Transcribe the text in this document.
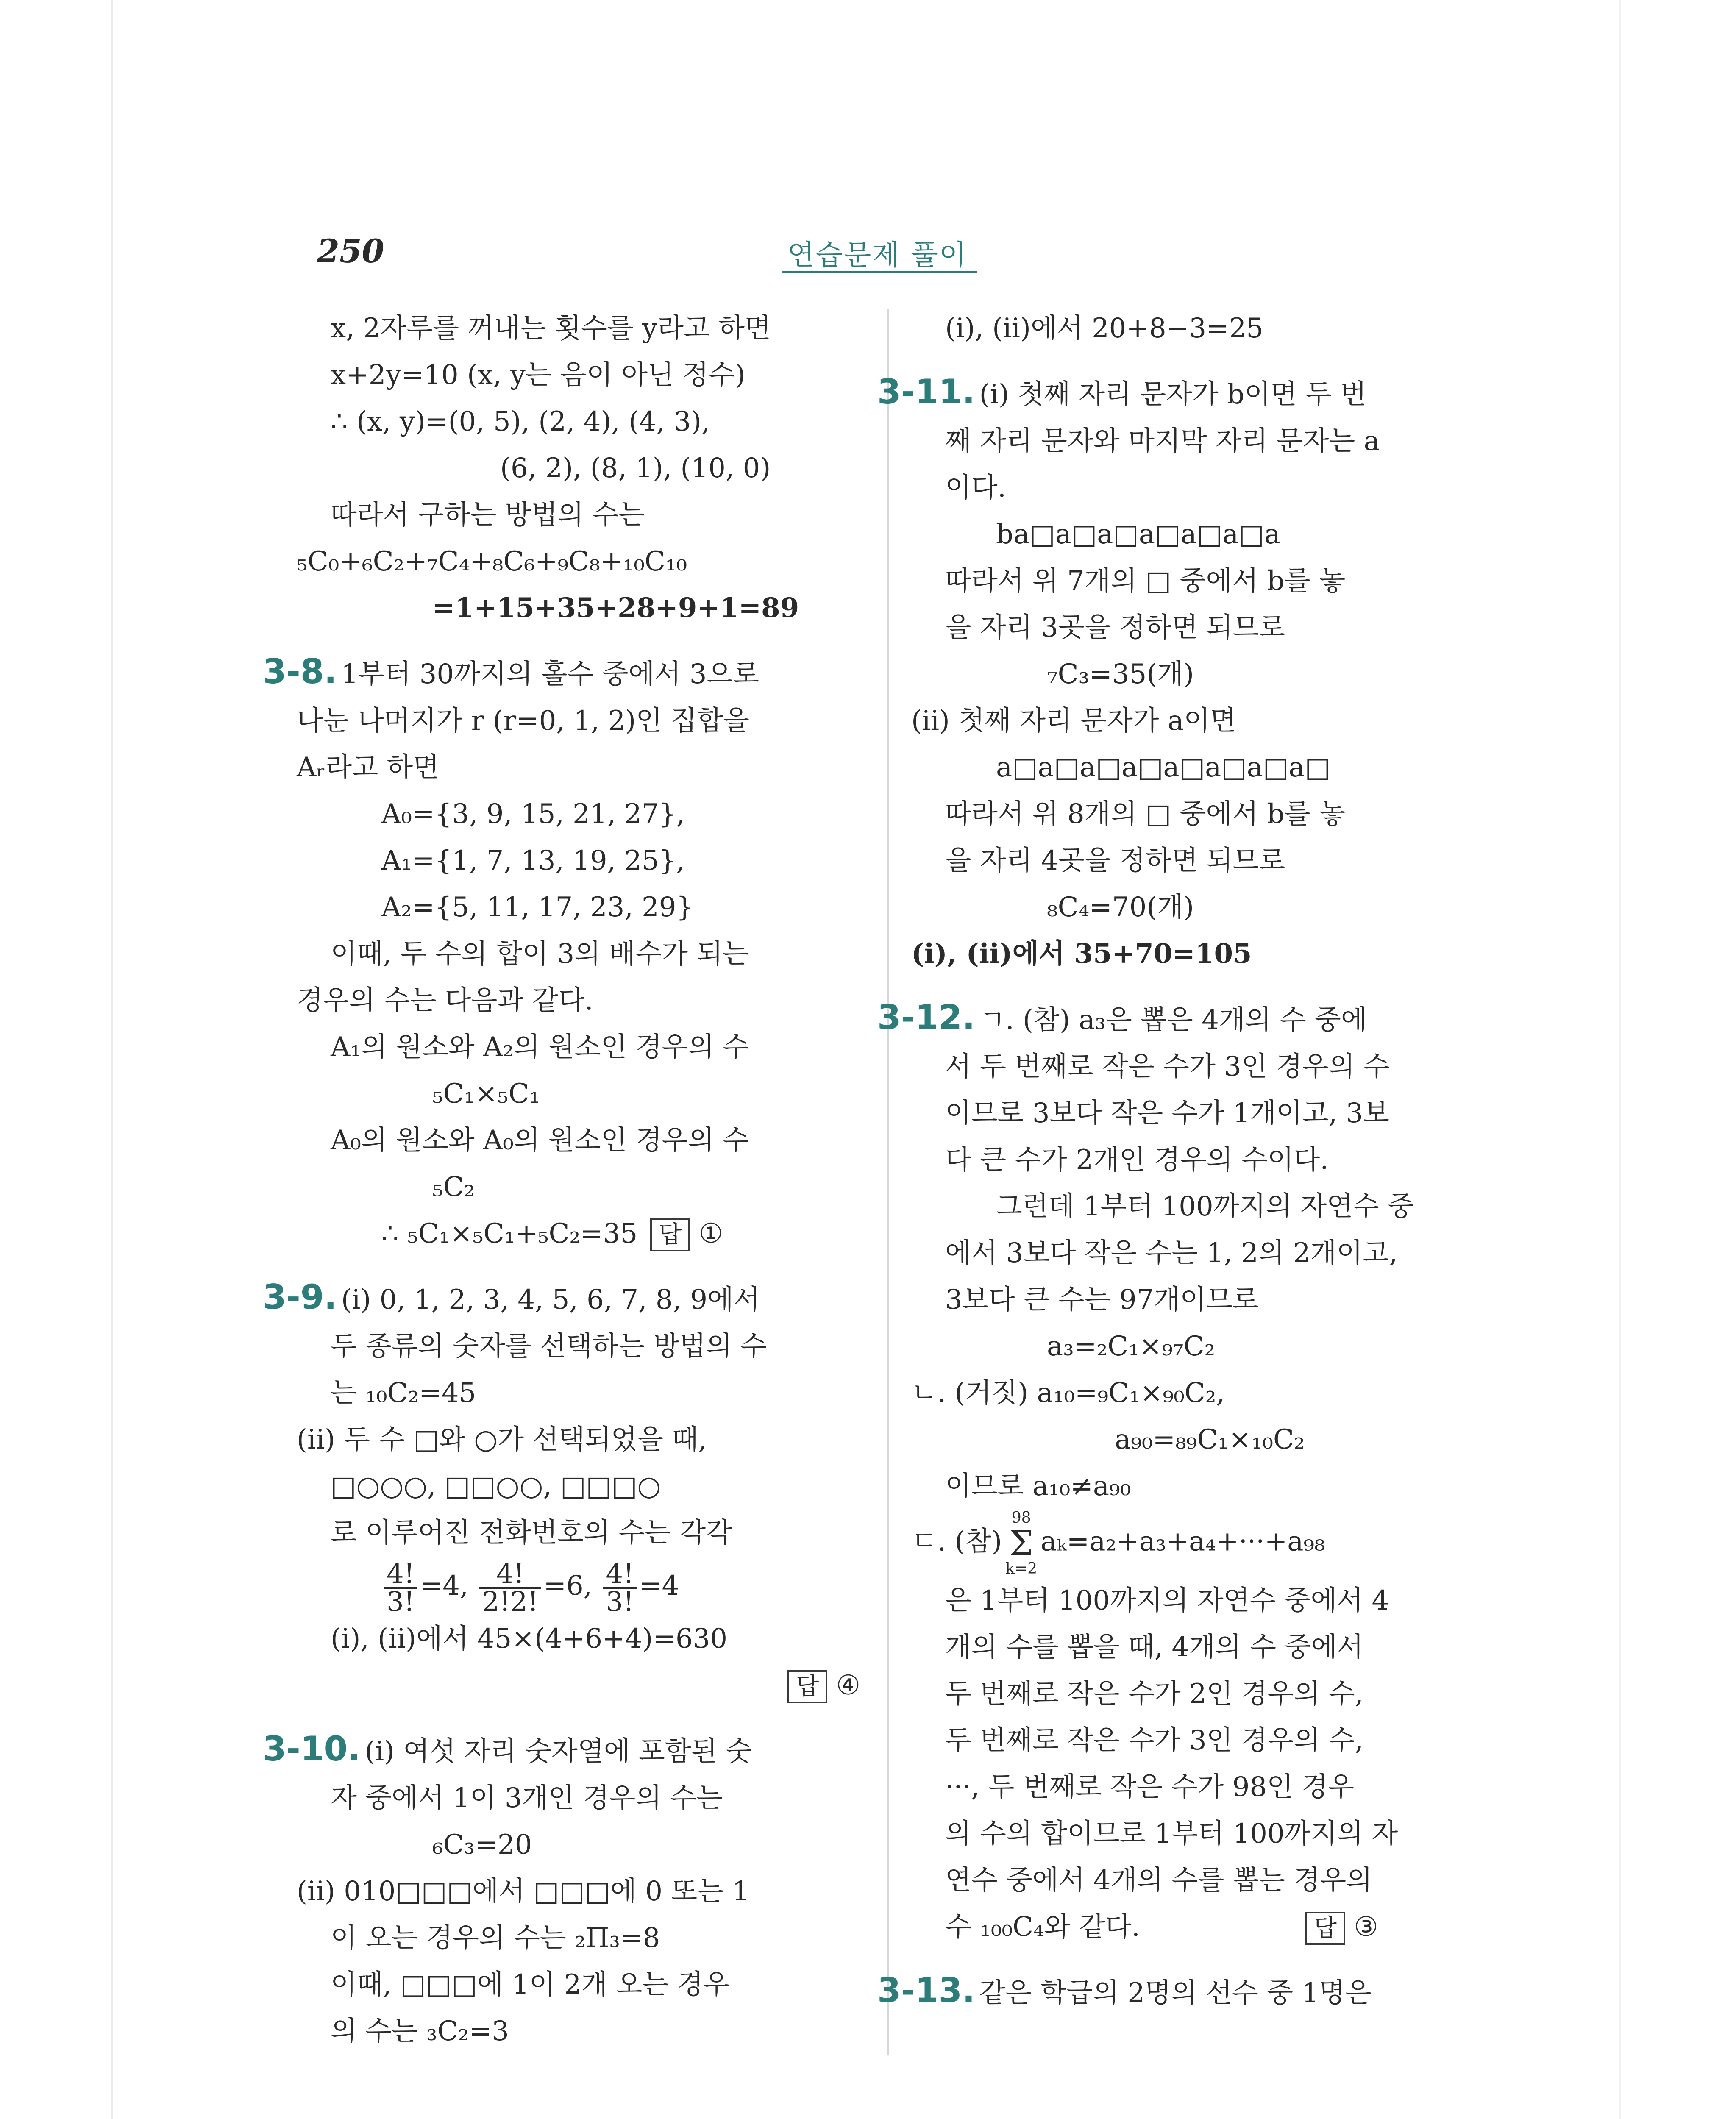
250	연습문제 풀이
x, 2자루를 꺼내는 횟수를 y라고 하면
x+2y=10 (x, y는 음이 아닌 정수)
∴ (x, y)=(0, 5), (2, 4), (4, 3),
(6, 2), (8, 1), (10, 0)
따라서 구하는 방법의 수는
₅C₀+₆C₂+₇C₄+₈C₆+₉C₈+₁₀C₁₀
=1+15+35+28+9+1=89
3-8. 1부터 30까지의 홀수 중에서 3으로
나눈 나머지가 r (r=0, 1, 2)인 집합을
Aᵣ라고 하면
A₀={3, 9, 15, 21, 27},
A₁={1, 7, 13, 19, 25},
A₂={5, 11, 17, 23, 29}
이때, 두 수의 합이 3의 배수가 되는
경우의 수는 다음과 같다.
A₁의 원소와 A₂의 원소인 경우의 수
₅C₁×₅C₁
A₀의 원소와 A₀의 원소인 경우의 수
₅C₂
∴ ₅C₁×₅C₁+₅C₂=35 답 ①
3-9. (i) 0, 1, 2, 3, 4, 5, 6, 7, 8, 9에서
두 종류의 숫자를 선택하는 방법의 수
는 ₁₀C₂=45
(ii) 두 수 □와 ○가 선택되었을 때,
□○○○, □□○○, □□□○
로 이루어진 전화번호의 수는 각각
$\frac{4!}{3!} =4$, $\frac{4!}{2!2!} =6$, $\frac{4!}{3!} =4$
(i), (ii)에서 45×(4+6+4)=630
답 ④
3-10. (i) 여섯 자리 숫자열에 포함된 숫
자 중에서 1이 3개인 경우의 수는
₆C₃=20
(ii) 010□□□에서 □□□에 0 또는 1
이 오는 경우의 수는 ₂Π₃=8
이때, □□□에 1이 2개 오는 경우
의 수는 ₃C₂=3
(i), (ii)에서 20+8−3=25
3-11. (i) 첫째 자리 문자가 b이면 두 번
째 자리 문자와 마지막 자리 문자는 a
이다.
ba□a□a□a□a□a□a
따라서 위 7개의 □ 중에서 b를 놓
을 자리 3곳을 정하면 되므로
₇C₃=35(개)
(ii) 첫째 자리 문자가 a이면
a□a□a□a□a□a□a□a□
따라서 위 8개의 □ 중에서 b를 놓
을 자리 4곳을 정하면 되므로
₈C₄=70(개)
(i), (ii)에서 35+70=105
3-12. ㄱ. (참) a₃은 뽑은 4개의 수 중에
서 두 번째로 작은 수가 3인 경우의 수
이므로 3보다 작은 수가 1개이고, 3보
다 큰 수가 2개인 경우의 수이다.
그런데 1부터 100까지의 자연수 중
에서 3보다 작은 수는 1, 2의 2개이고,
3보다 큰 수는 97개이므로
a₃=₂C₁×₉₇C₂
ㄴ. (거짓) a₁₀=₉C₁×₉₀C₂,
a₉₀=₈₉C₁×₁₀C₂
이므로 a₁₀≠a₉₀
ㄷ. (참)
98
Σ
k=2
aₖ=a₂+a₃+a₄+···+a₉₈
은 1부터 100까지의 자연수 중에서 4
개의 수를 뽑을 때, 4개의 수 중에서
두 번째로 작은 수가 2인 경우의 수,
두 번째로 작은 수가 3인 경우의 수,
···, 두 번째로 작은 수가 98인 경우
의 수의 합이므로 1부터 100까지의 자
연수 중에서 4개의 수를 뽑는 경우의
수 ₁₀₀C₄와 같다.	답 ③
3-13. 같은 학급의 2명의 선수 중 1명은
